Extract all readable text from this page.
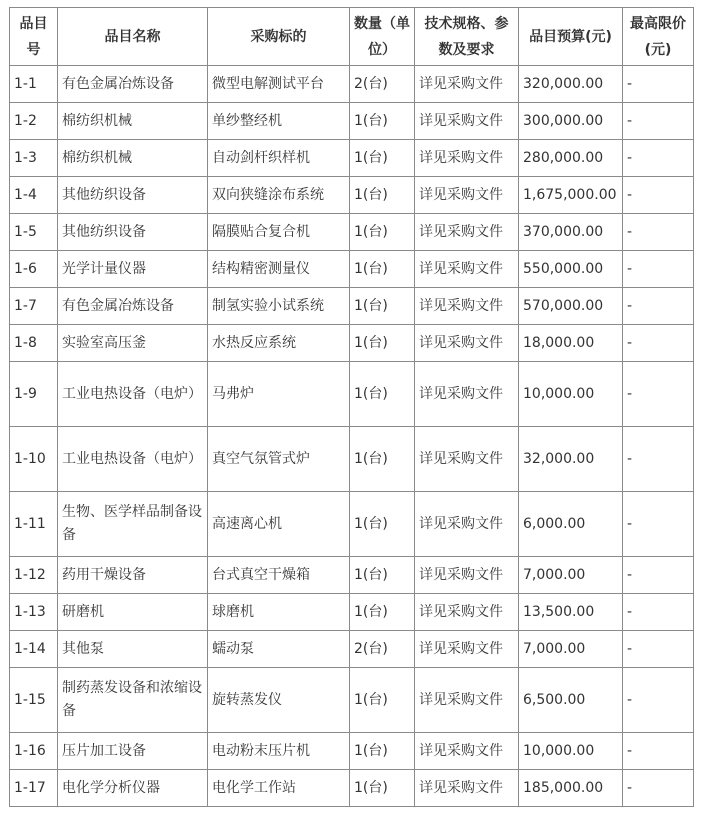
品目号	品目名称	采购标的	数量（单位）	技术规格、参数及要求	品目预算(元)	最高限价(元)
1-1	有色金属冶炼设备	微型电解测试平台	2(台)	详见采购文件	320,000.00	-
1-2	棉纺织机械	单纱整经机	1(台)	详见采购文件	300,000.00	-
1-3	棉纺织机械	自动剑杆织样机	1(台)	详见采购文件	280,000.00	-
1-4	其他纺织设备	双向狭缝涂布系统	1(台)	详见采购文件	1,675,000.00	-
1-5	其他纺织设备	隔膜贴合复合机	1(台)	详见采购文件	370,000.00	-
1-6	光学计量仪器	结构精密测量仪	1(台)	详见采购文件	550,000.00	-
1-7	有色金属冶炼设备	制氢实验小试系统	1(台)	详见采购文件	570,000.00	-
1-8	实验室高压釜	水热反应系统	1(台)	详见采购文件	18,000.00	-
1-9	工业电热设备（电炉）	马弗炉	1(台)	详见采购文件	10,000.00	-
1-10	工业电热设备（电炉）	真空气氛管式炉	1(台)	详见采购文件	32,000.00	-
1-11	生物、医学样品制备设备	高速离心机	1(台)	详见采购文件	6,000.00	-
1-12	药用干燥设备	台式真空干燥箱	1(台)	详见采购文件	7,000.00	-
1-13	研磨机	球磨机	1(台)	详见采购文件	13,500.00	-
1-14	其他泵	蠕动泵	2(台)	详见采购文件	7,000.00	-
1-15	制药蒸发设备和浓缩设备	旋转蒸发仪	1(台)	详见采购文件	6,500.00	-
1-16	压片加工设备	电动粉末压片机	1(台)	详见采购文件	10,000.00	-
1-17	电化学分析仪器	电化学工作站	1(台)	详见采购文件	185,000.00	-
